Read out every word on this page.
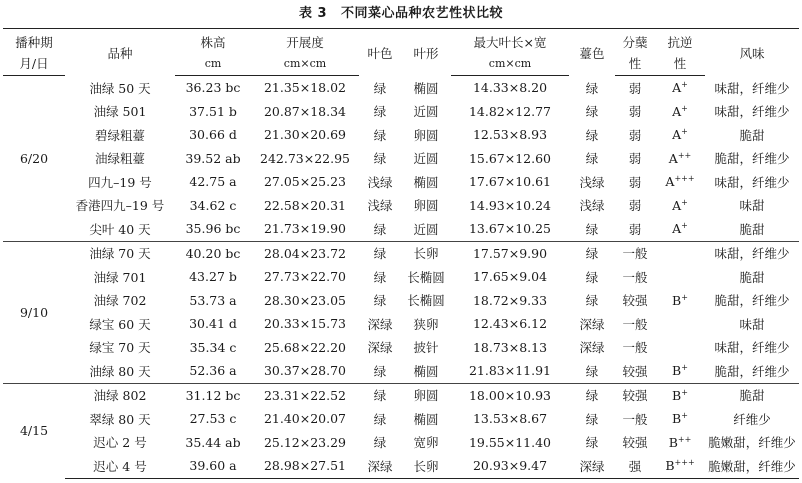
表 3 不同菜心品种农艺性状比较
播种期	品种	株高	开展度	叶色	叶形	最大叶长×宽	薹色	分蘖	抗逆	风味
月/日		cm	cm×cm			cm×cm		性	性	
6/20	油绿 50 天	36.23 bc	21.35×18.02	绿	椭圆	14.33×8.20	绿	弱	A+	味甜，纤维少
	油绿 501	37.51 b	20.87×18.34	绿	近圆	14.82×12.77	绿	弱	A+	味甜，纤维少
	碧绿粗薹	30.66 d	21.30×20.69	绿	卵圆	12.53×8.93	绿	弱	A+	脆甜
	油绿粗薹	39.52 ab	242.73×22.95	绿	近圆	15.67×12.60	绿	弱	A++	脆甜，纤维少
	四九–19 号	42.75 a	27.05×25.23	浅绿	椭圆	17.67×10.61	浅绿	弱	A+++	味甜，纤维少
	香港四九–19 号	34.62 c	22.58×20.31	浅绿	卵圆	14.93×10.24	浅绿	弱	A+	味甜
	尖叶 40 天	35.96 bc	21.73×19.90	绿	近圆	13.67×10.25	绿	弱	A+	脆甜
9/10	油绿 70 天	40.20 bc	28.04×23.72	绿	长卵	17.57×9.90	绿	一般		味甜，纤维少
	油绿 701	43.27 b	27.73×22.70	绿	长椭圆	17.65×9.04	绿	一般		脆甜
	油绿 702	53.73 a	28.30×23.05	绿	长椭圆	18.72×9.33	绿	较强	B+	脆甜，纤维少
	绿宝 60 天	30.41 d	20.33×15.73	深绿	狭卵	12.43×6.12	深绿	一般		味甜
	绿宝 70 天	35.34 c	25.68×22.20	深绿	披针	18.73×8.13	深绿	一般		味甜，纤维少
	油绿 80 天	52.36 a	30.37×28.70	绿	椭圆	21.83×11.91	绿	较强	B+	脆甜，纤维少
4/15	油绿 802	31.12 bc	23.31×22.52	绿	卵圆	18.00×10.93	绿	较强	B+	脆甜
	翠绿 80 天	27.53 c	21.40×20.07	绿	椭圆	13.53×8.67	绿	一般	B+	纤维少
	迟心 2 号	35.44 ab	25.12×23.29	绿	宽卵	19.55×11.40	绿	较强	B++	脆嫩甜，纤维少
	迟心 4 号	39.60 a	28.98×27.51	深绿	长卵	20.93×9.47	深绿	强	B+++	脆嫩甜，纤维少
